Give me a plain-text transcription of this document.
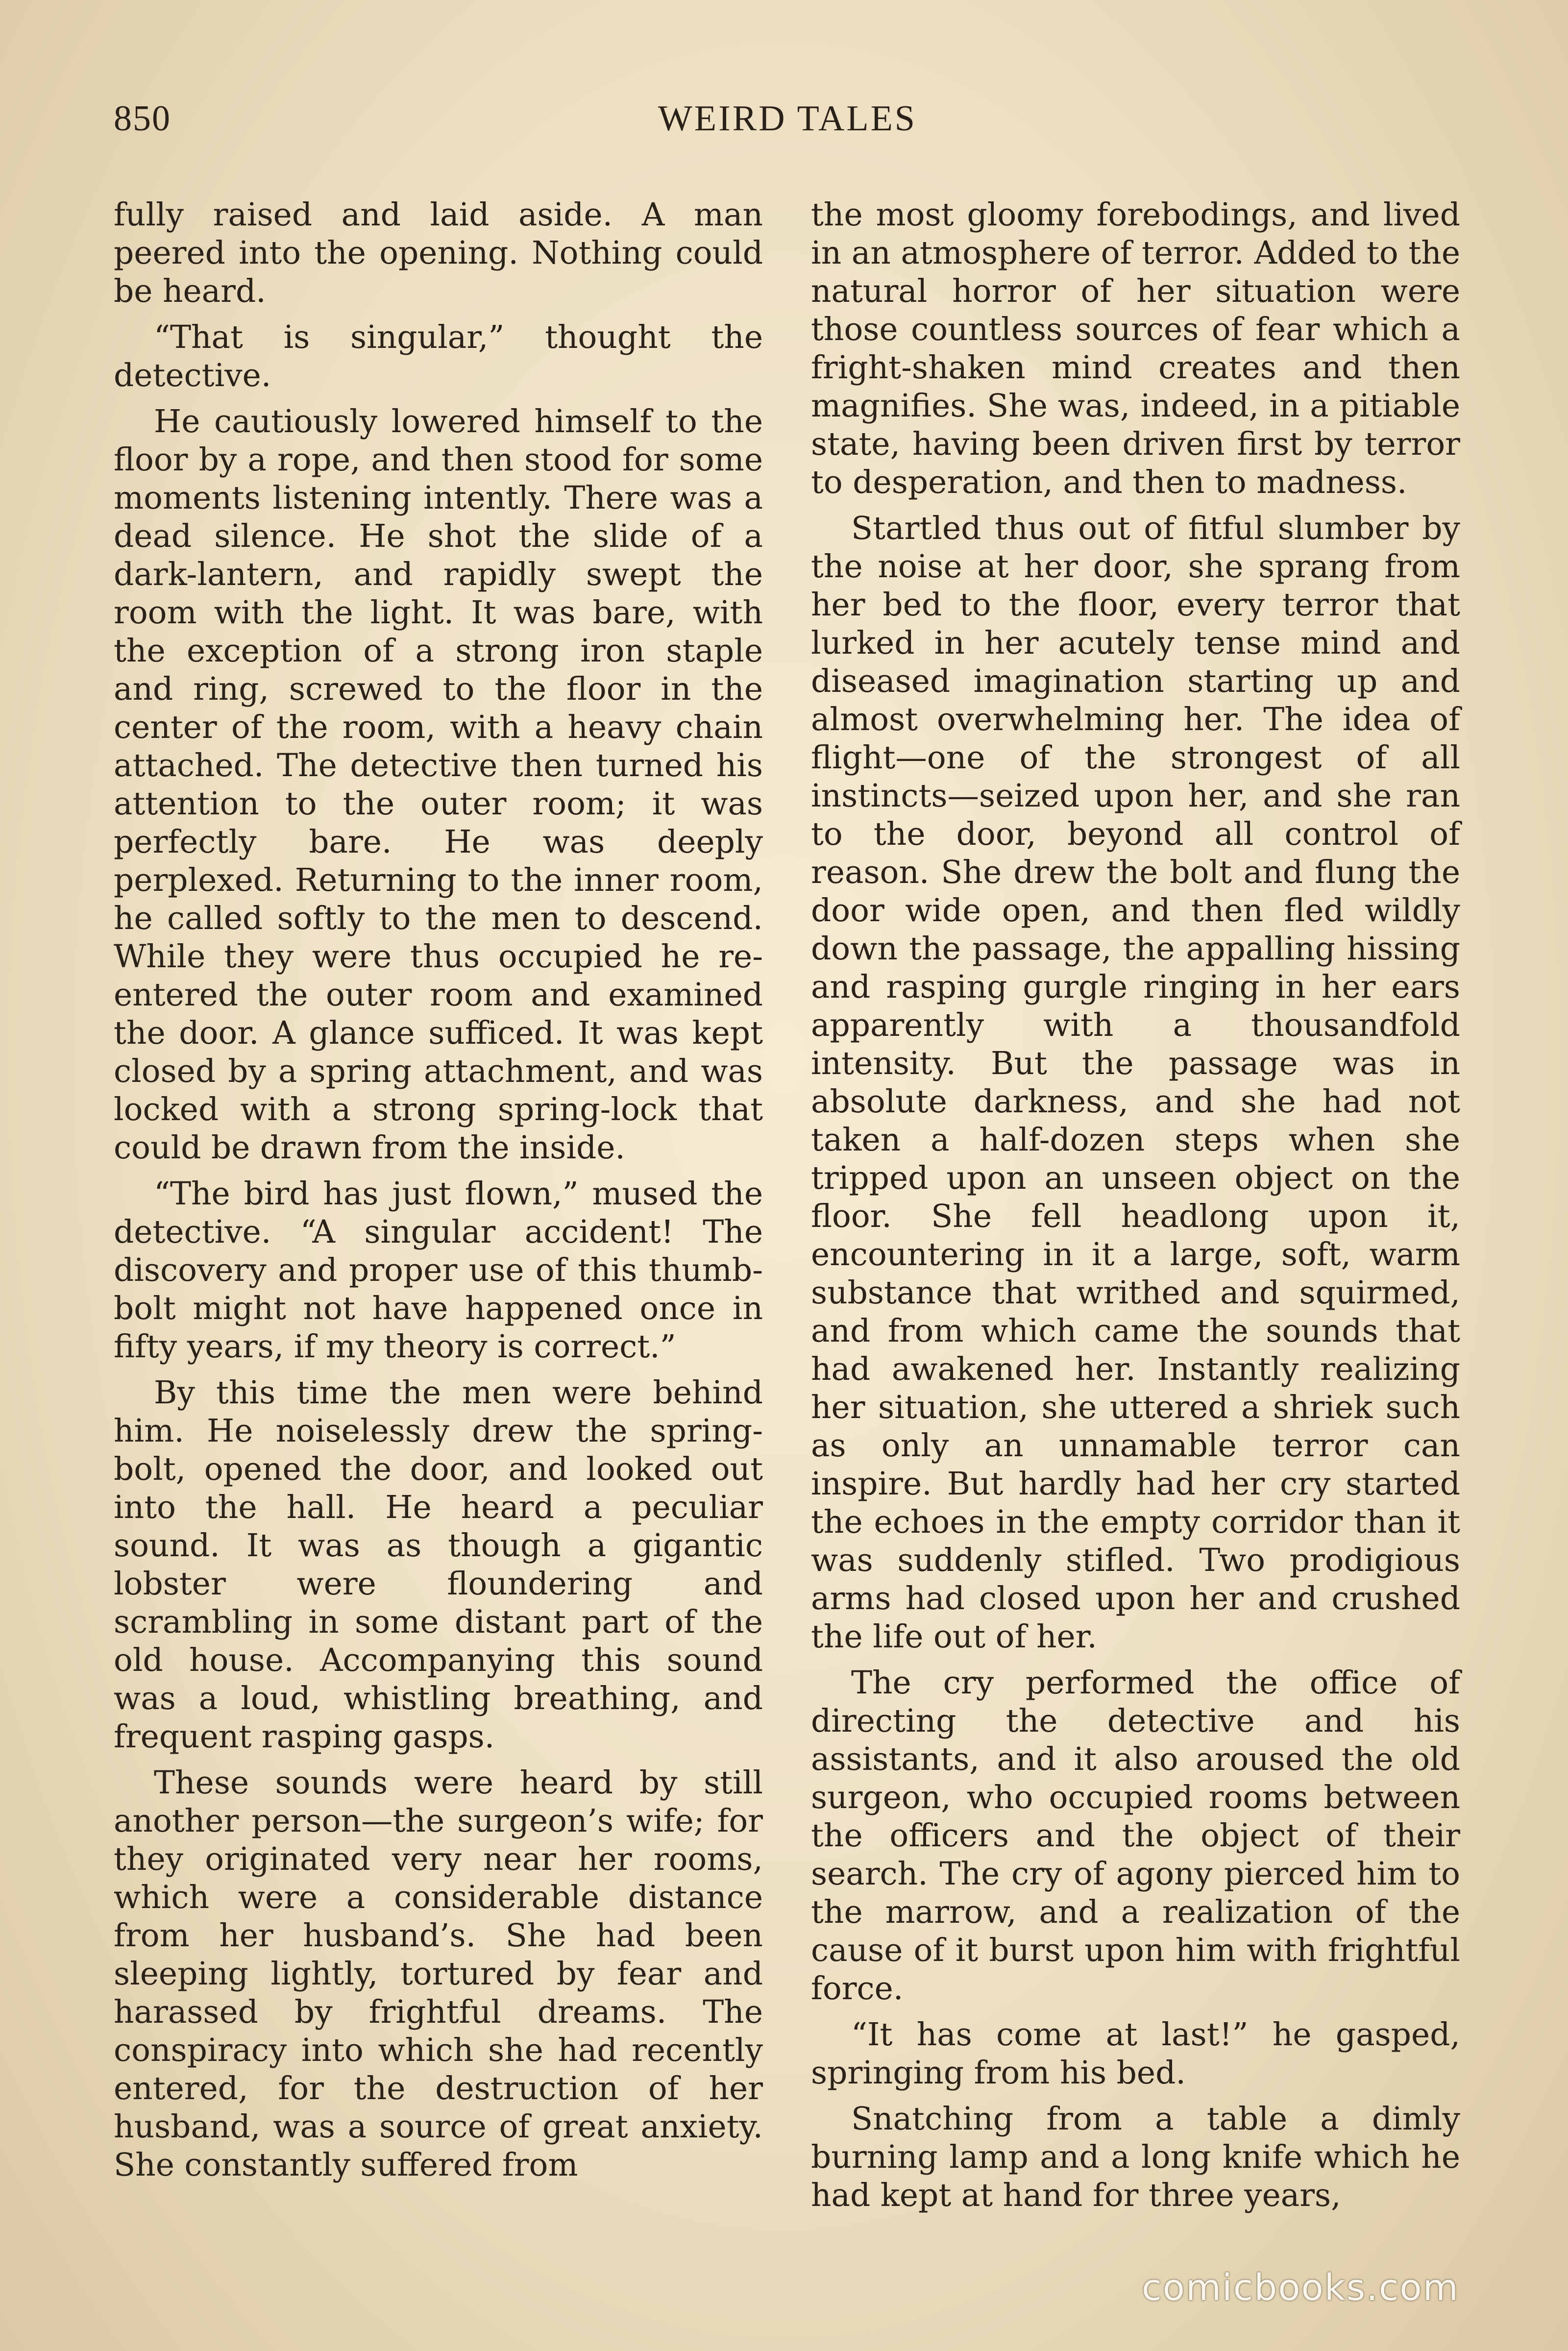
850	WEIRD TALES

fully raised and laid aside. A man peered into the opening. Nothing could be heard.

“That is singular,” thought the detective.

He cautiously lowered himself to the floor by a rope, and then stood for some moments listening intently. There was a dead silence. He shot the slide of a dark-lantern, and rapidly swept the room with the light. It was bare, with the exception of a strong iron staple and ring, screwed to the floor in the center of the room, with a heavy chain attached. The detective then turned his attention to the outer room; it was perfectly bare. He was deeply perplexed. Returning to the inner room, he called softly to the men to descend. While they were thus occupied he re-entered the outer room and examined the door. A glance sufficed. It was kept closed by a spring attachment, and was locked with a strong spring-lock that could be drawn from the inside.

“The bird has just flown,” mused the detective. “A singular accident! The discovery and proper use of this thumb-bolt might not have happened once in fifty years, if my theory is correct.”

By this time the men were behind him. He noiselessly drew the spring-bolt, opened the door, and looked out into the hall. He heard a peculiar sound. It was as though a gigantic lobster were floundering and scrambling in some distant part of the old house. Accompanying this sound was a loud, whistling breathing, and frequent rasping gasps.

These sounds were heard by still another person—the surgeon’s wife; for they originated very near her rooms, which were a considerable distance from her husband’s. She had been sleeping lightly, tortured by fear and harassed by frightful dreams. The conspiracy into which she had recently entered, for the destruction of her husband, was a source of great anxiety. She constantly suffered from

the most gloomy forebodings, and lived in an atmosphere of terror. Added to the natural horror of her situation were those countless sources of fear which a fright-shaken mind creates and then magnifies. She was, indeed, in a pitiable state, having been driven first by terror to desperation, and then to madness.

Startled thus out of fitful slumber by the noise at her door, she sprang from her bed to the floor, every terror that lurked in her acutely tense mind and diseased imagination starting up and almost overwhelming her. The idea of flight—one of the strongest of all instincts—seized upon her, and she ran to the door, beyond all control of reason. She drew the bolt and flung the door wide open, and then fled wildly down the passage, the appalling hissing and rasping gurgle ringing in her ears apparently with a thousandfold intensity. But the passage was in absolute darkness, and she had not taken a half-dozen steps when she tripped upon an unseen object on the floor. She fell headlong upon it, encountering in it a large, soft, warm substance that writhed and squirmed, and from which came the sounds that had awakened her. Instantly realizing her situation, she uttered a shriek such as only an unnamable terror can inspire. But hardly had her cry started the echoes in the empty corridor than it was suddenly stifled. Two prodigious arms had closed upon her and crushed the life out of her.

The cry performed the office of directing the detective and his assistants, and it also aroused the old surgeon, who occupied rooms between the officers and the object of their search. The cry of agony pierced him to the marrow, and a realization of the cause of it burst upon him with frightful force.

“It has come at last!” he gasped, springing from his bed.

Snatching from a table a dimly burning lamp and a long knife which he had kept at hand for three years,

comicbooks.com
